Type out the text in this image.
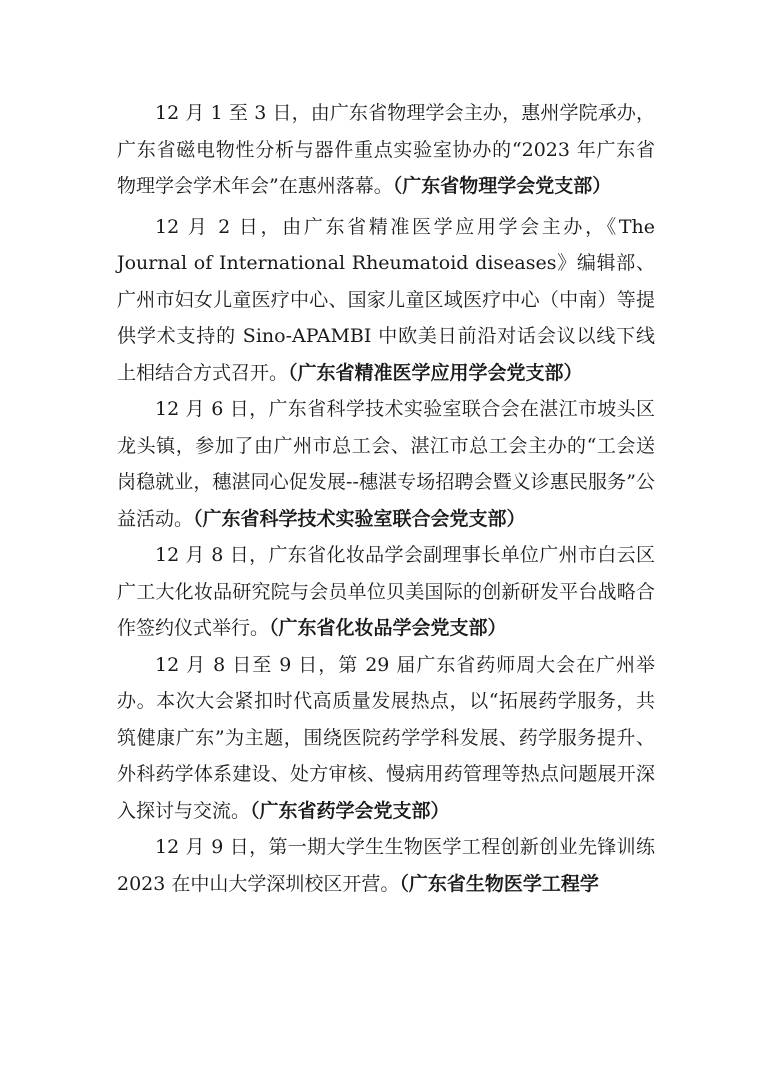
12 月 1 至 3 日，由广东省物理学会主办，惠州学院承办，广东省磁电物性分析与器件重点实验室协办的“2023 年广东省物理学会学术年会”在惠州落幕。（广东省物理学会党支部）

12 月 2 日，由广东省精准医学应用学会主办，《The Journal of International Rheumatoid diseases》编辑部、广州市妇女儿童医疗中心、国家儿童区域医疗中心（中南）等提供学术支持的 Sino-APAMBI 中欧美日前沿对话会议以线下线上相结合方式召开。（广东省精准医学应用学会党支部）

12 月 6 日，广东省科学技术实验室联合会在湛江市坡头区龙头镇，参加了由广州市总工会、湛江市总工会主办的“工会送岗稳就业，穗湛同心促发展--穗湛专场招聘会暨义诊惠民服务”公益活动。（广东省科学技术实验室联合会党支部）

12 月 8 日，广东省化妆品学会副理事长单位广州市白云区广工大化妆品研究院与会员单位贝美国际的创新研发平台战略合作签约仪式举行。（广东省化妆品学会党支部）

12 月 8 日至 9 日，第 29 届广东省药师周大会在广州举办。本次大会紧扣时代高质量发展热点，以“拓展药学服务，共筑健康广东”为主题，围绕医院药学学科发展、药学服务提升、外科药学体系建设、处方审核、慢病用药管理等热点问题展开深入探讨与交流。（广东省药学会党支部）

12 月 9 日，第一期大学生生物医学工程创新创业先锋训练 2023 在中山大学深圳校区开营。（广东省生物医学工程学
